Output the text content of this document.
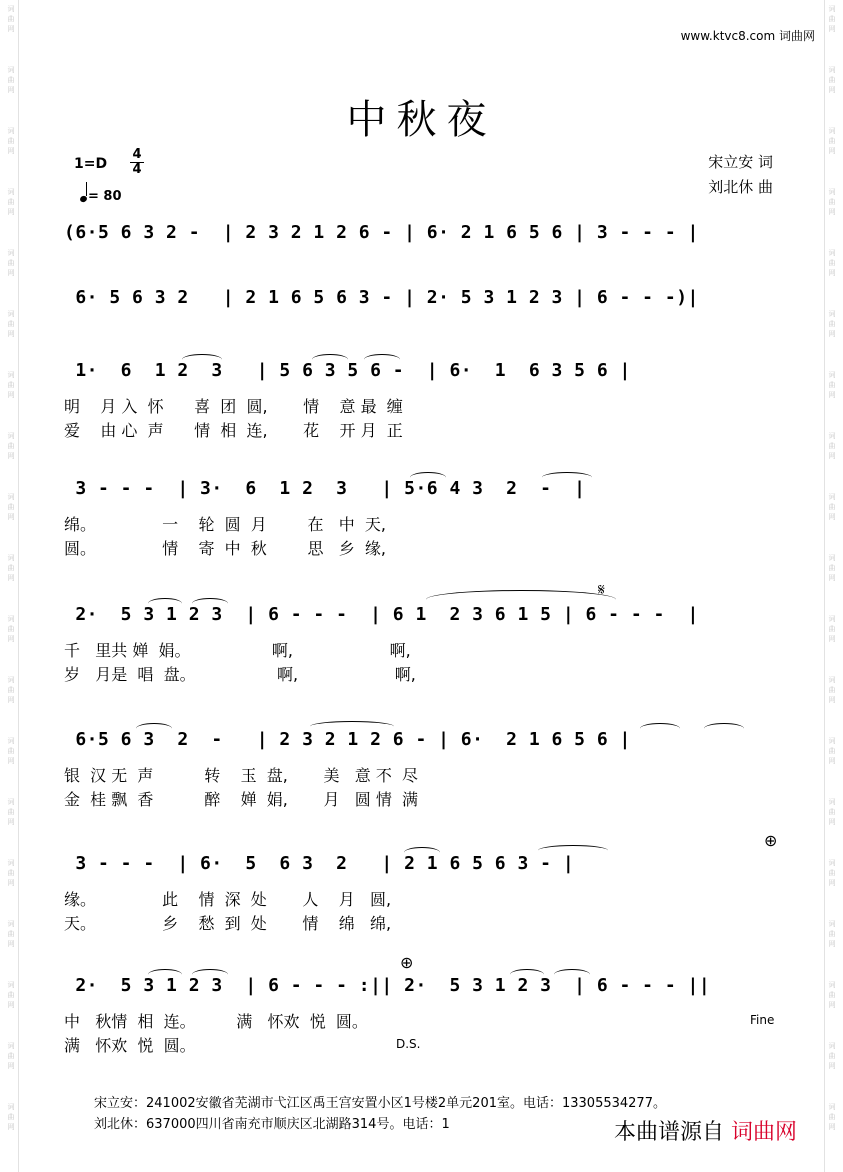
词
曲
网
词
曲
网
词
曲
网
词
曲
网
词
曲
网
词
曲
网
词
曲
网
词
曲
网
词
曲
网
词
曲
网
词
曲
网
词
曲
网
词
曲
网
词
曲
网
词
曲
网
词
曲
网
词
曲
网
词
曲
网
词
曲
网
词
曲
网
词
曲
网
词
曲
网
词
曲
网
词
曲
网
词
曲
网
词
曲
网
词
曲
网
词
曲
网
词
曲
网
词
曲
网
词
曲
网
词
曲
网
词
曲
网
词
曲
网
词
曲
网
词
曲
网
词
曲
网
词
曲
网
www.ktvc8.com 词曲网
中秋夜
1=D
4
4
= 80
宋立安 词
刘北休 曲
(6·5 6 3 2 -  | 2 3 2 1 2 6 - | 6· 2 1 6 5 6 | 3 - - - |
6· 5 6 3 2   | 2 1 6 5 6 3 - | 2· 5 3 1 2 3 | 6 - - -)|
1·  6  1 2  3   | 5 6 3 5 6 -  | 6·  1  6 3 5 6 |
明    月 入  怀      喜  团  圆,       情    意 最  缠
爱    由 心  声      情  相  连,       花    开 月  正
3 - - -  | 3·  6  1 2  3   | 5·6 4 3  2  -  |
绵。             一    轮  圆  月        在   中  天,
圆。             情    寄  中  秋        思   乡  缘,
𝄋
2·  5 3 1 2 3  | 6 - - -  | 6 1  2 3 6 1 5 | 6 - - -  |
千   里共 婵  娟。                啊,                   啊,
岁   月是  唱  盘。                啊,                   啊,
6·5 6 3  2  -   | 2 3 2 1 2 6 - | 6·  2 1 6 5 6 |
银  汉 无  声          转    玉  盘,       美   意 不  尽
金  桂 飘  香          醉    婵  娟,       月   圆 情  满
⊕
3 - - -  | 6·  5  6 3  2   | 2 1 6 5 6 3 - |
缘。             此    情  深  处       人    月   圆,
天。             乡    愁  到  处       情    绵   绵,
⊕
2·  5 3 1 2 3  | 6 - - - :|| 2·  5 3 1 2 3  | 6 - - - ||
Fine
中   秋情  相  连。        满   怀欢  悦  圆。
满   怀欢  悦  圆。	D.S.
宋立安：241002安徽省芜湖市弋江区禹王宫安置小区1号楼2单元201室。电话：13305534277。
刘北休：637000四川省南充市顺庆区北湖路314号。电话：1	本曲谱源自 词曲网
